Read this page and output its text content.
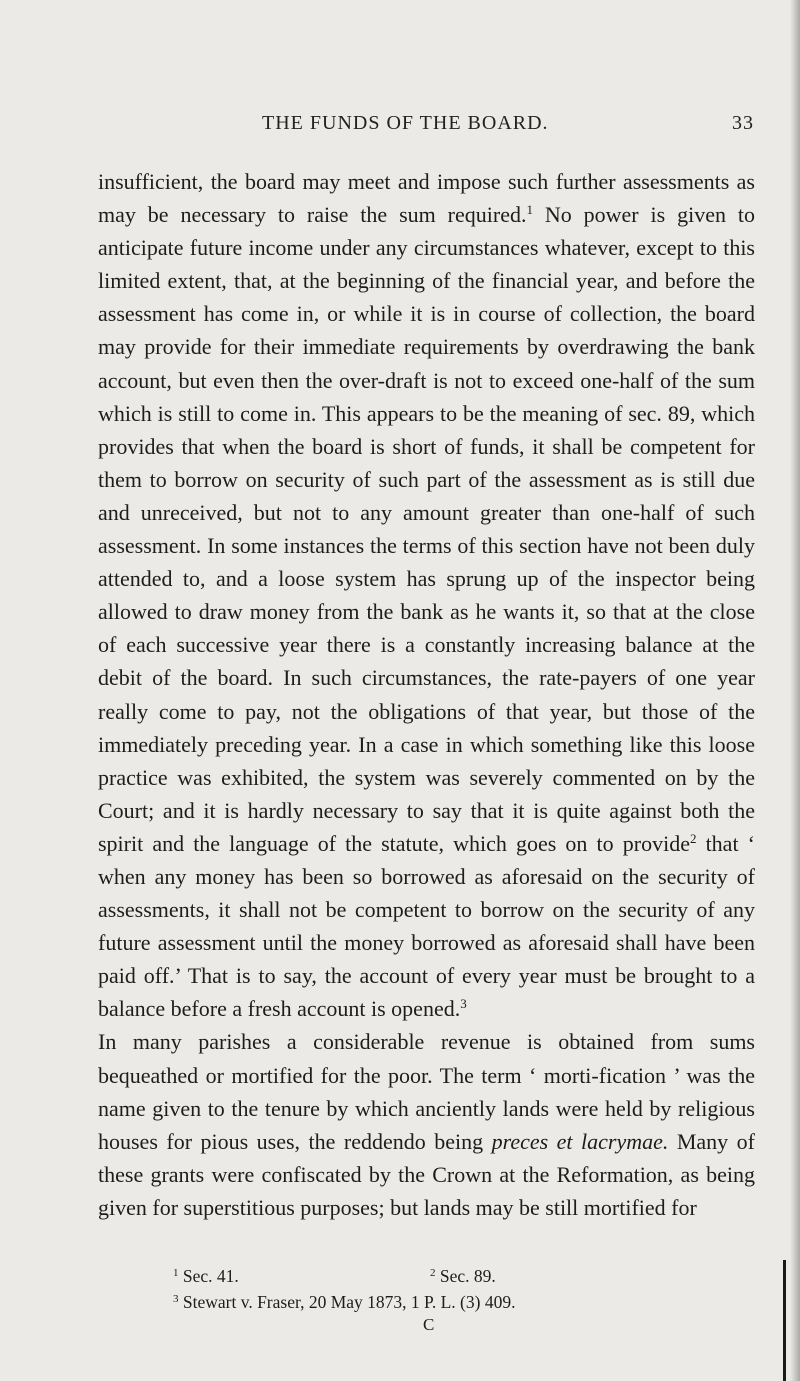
THE FUNDS OF THE BOARD.	33

insufficient, the board may meet and impose such further assessments as may be necessary to raise the sum required.$^1$ No power is given to anticipate future income under any circumstances whatever, except to this limited extent, that, at the beginning of the financial year, and before the assessment has come in, or while it is in course of collection, the board may provide for their immediate requirements by overdrawing the bank account, but even then the over-draft is not to exceed one-half of the sum which is still to come in. This appears to be the meaning of sec. 89, which provides that when the board is short of funds, it shall be competent for them to borrow on security of such part of the assessment as is still due and unreceived, but not to any amount greater than one-half of such assessment. In some instances the terms of this section have not been duly attended to, and a loose system has sprung up of the inspector being allowed to draw money from the bank as he wants it, so that at the close of each successive year there is a constantly increasing balance at the debit of the board. In such circumstances, the rate-payers of one year really come to pay, not the obligations of that year, but those of the immediately preceding year. In a case in which something like this loose practice was exhibited, the system was severely commented on by the Court; and it is hardly necessary to say that it is quite against both the spirit and the language of the statute, which goes on to provide$^2$ that ‘ when any money has been so borrowed as aforesaid on the security of assessments, it shall not be competent to borrow on the security of any future assessment until the money borrowed as aforesaid shall have been paid off.’ That is to say, the account of every year must be brought to a balance before a fresh account is opened.$^3$

In many parishes a considerable revenue is obtained from sums bequeathed or mortified for the poor. The term ‘ morti-fication ’ was the name given to the tenure by which anciently lands were held by religious houses for pious uses, the reddendo being preces et lacrymae. Many of these grants were confiscated by the Crown at the Reformation, as being given for superstitious purposes; but lands may be still mortified for

$^1$ Sec. 41.	$^2$ Sec. 89.
$^3$ Stewart v. Fraser, 20 May 1873, 1 P. L. (3) 409.
C
